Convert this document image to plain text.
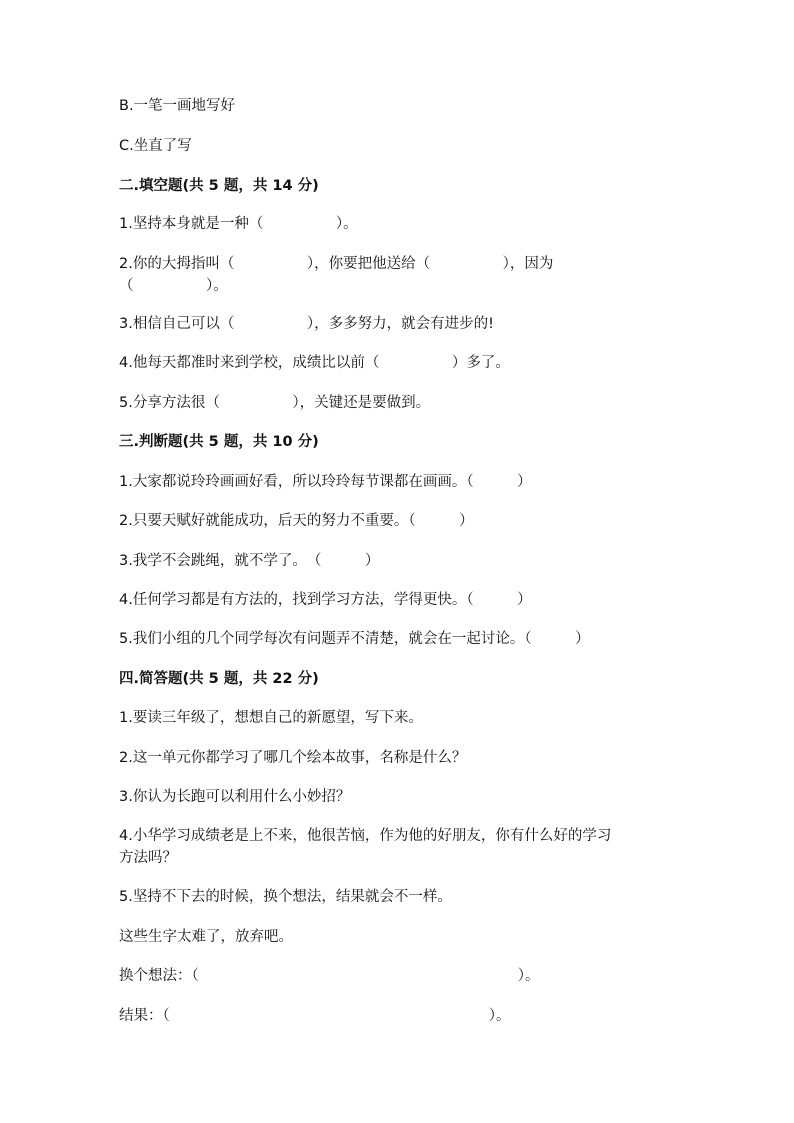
B.一笔一画地写好
C.坐直了写
二.填空题(共 5 题，共 14 分)
1.坚持本身就是一种（　　　　　）。
2.你的大拇指叫（　　　　　），你要把他送给（　　　　　），因为
（　　　　　）。
3.相信自己可以（　　　　　），多多努力，就会有进步的!
4.他每天都准时来到学校，成绩比以前（　　　　　）多了。
5.分享方法很（　　　　　），关键还是要做到。
三.判断题(共 5 题，共 10 分)
1.大家都说玲玲画画好看，所以玲玲每节课都在画画。（　　　）
2.只要天赋好就能成功，后天的努力不重要。（　　　）
3.我学不会跳绳，就不学了。　（　　　）
4.任何学习都是有方法的，找到学习方法，学得更快。（　　　）
5.我们小组的几个同学每次有问题弄不清楚，就会在一起讨论。（　　　）
四.简答题(共 5 题，共 22 分)
1.要读三年级了，想想自己的新愿望，写下来。
2.这一单元你都学习了哪几个绘本故事，名称是什么？
3.你认为长跑可以利用什么小妙招？
4.小华学习成绩老是上不来，他很苦恼，作为他的好朋友，你有什么好的学习
方法吗？
5.坚持不下去的时候，换个想法，结果就会不一样。
这些生字太难了，放弃吧。
换个想法：（　　　　　　　　　　　　　　　　　　　　　　）。
结果：（　　　　　　　　　　　　　　　　　　　　　　）。
